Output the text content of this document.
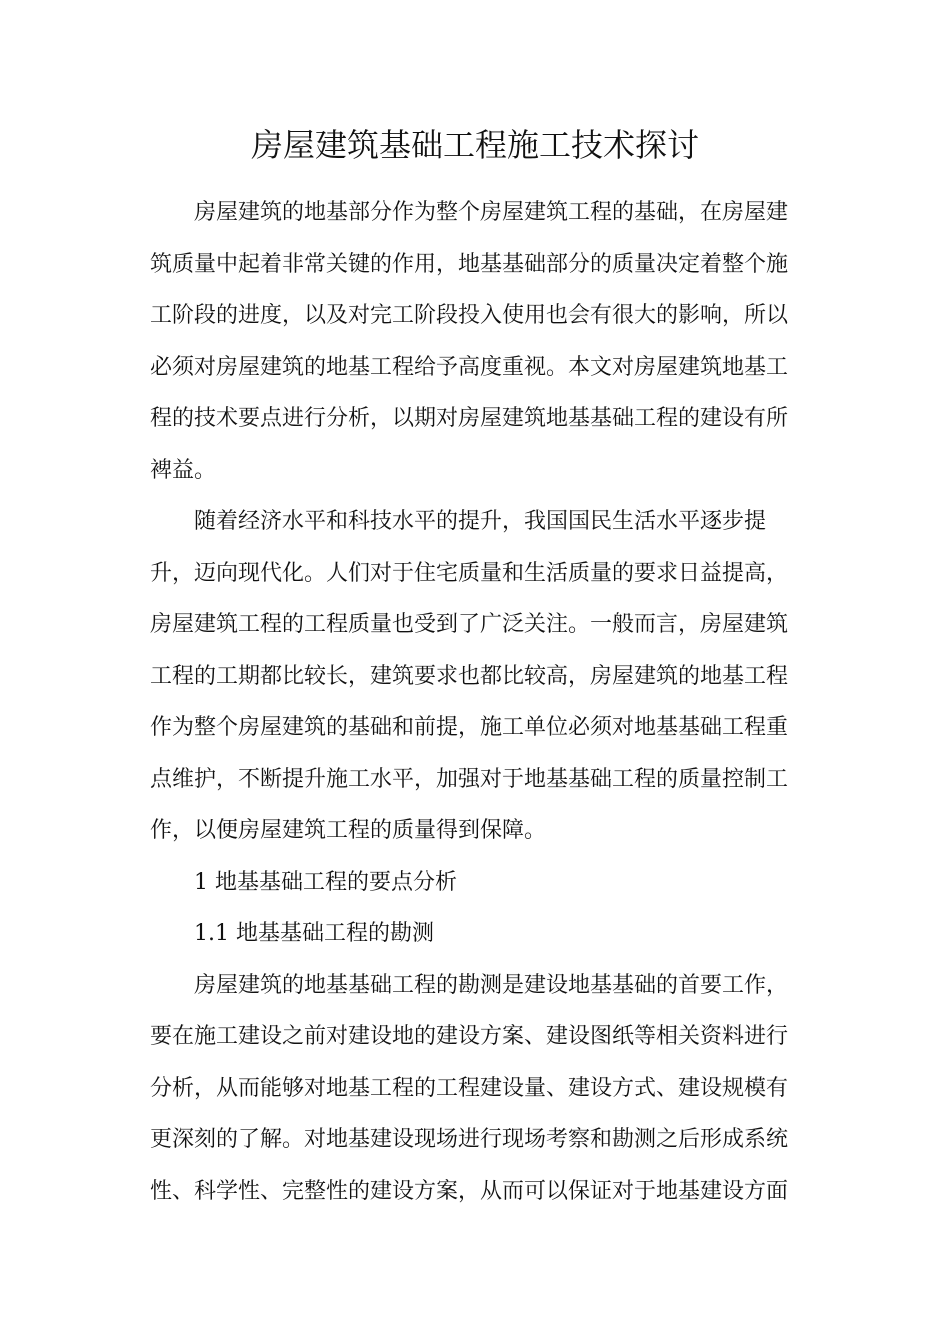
房屋建筑基础工程施工技术探讨
房屋建筑的地基部分作为整个房屋建筑工程的基础，在房屋建
筑质量中起着非常关键的作用，地基基础部分的质量决定着整个施
工阶段的进度，以及对完工阶段投入使用也会有很大的影响，所以
必须对房屋建筑的地基工程给予高度重视。本文对房屋建筑地基工
程的技术要点进行分析，以期对房屋建筑地基基础工程的建设有所
裨益。
随着经济水平和科技水平的提升，我国国民生活水平逐步提
升，迈向现代化。人们对于住宅质量和生活质量的要求日益提高，
房屋建筑工程的工程质量也受到了广泛关注。一般而言，房屋建筑
工程的工期都比较长，建筑要求也都比较高，房屋建筑的地基工程
作为整个房屋建筑的基础和前提，施工单位必须对地基基础工程重
点维护，不断提升施工水平，加强对于地基基础工程的质量控制工
作，以便房屋建筑工程的质量得到保障。
1 地基基础工程的要点分析
1.1 地基基础工程的勘测
房屋建筑的地基基础工程的勘测是建设地基基础的首要工作，
要在施工建设之前对建设地的建设方案、建设图纸等相关资料进行
分析，从而能够对地基工程的工程建设量、建设方式、建设规模有
更深刻的了解。对地基建设现场进行现场考察和勘测之后形成系统
性、科学性、完整性的建设方案，从而可以保证对于地基建设方面
